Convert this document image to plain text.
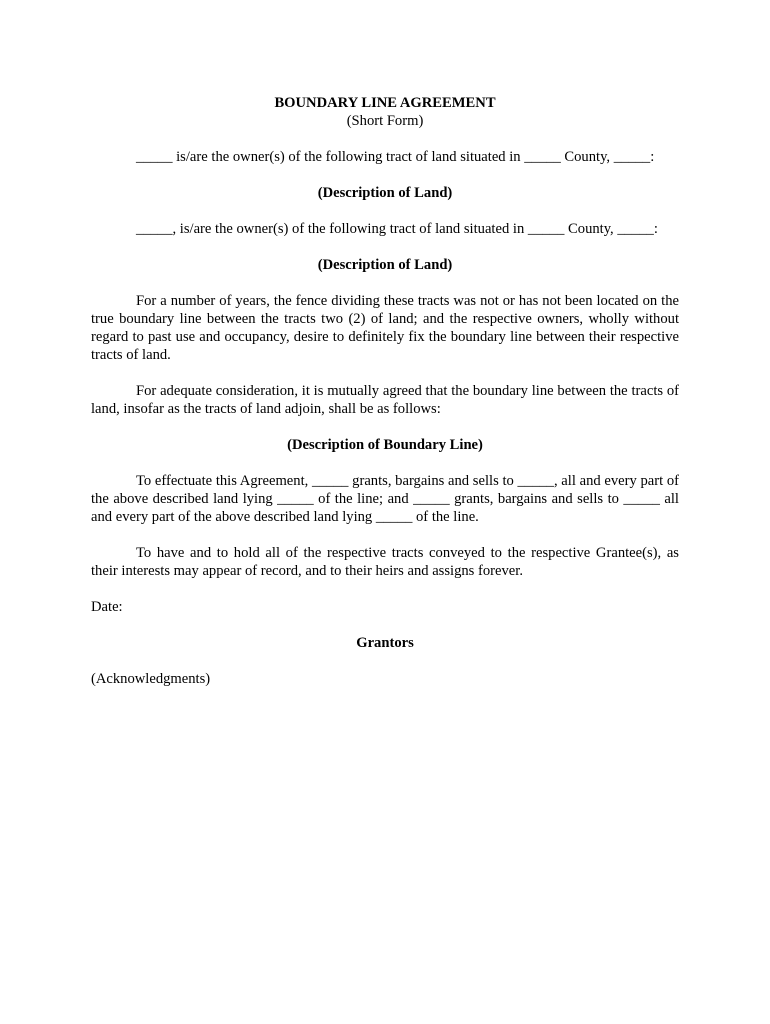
BOUNDARY LINE AGREEMENT

(Short Form)

_____ is/are the owner(s) of the following tract of land situated in _____ County, _____:

(Description of Land)

_____, is/are the owner(s) of the following tract of land situated in _____ County, _____:

(Description of Land)

For a number of years, the fence dividing these tracts was not or has not been located on the true boundary line between the tracts two (2) of land; and the respective owners, wholly without regard to past use and occupancy, desire to definitely fix the boundary line between their respective tracts of land.

For adequate consideration, it is mutually agreed that the boundary line between the tracts of land, insofar as the tracts of land adjoin, shall be as follows:

(Description of Boundary Line)

To effectuate this Agreement, _____ grants, bargains and sells to _____, all and every part of the above described land lying _____ of the line; and _____ grants, bargains and sells to _____ all and every part of the above described land lying _____ of the line.

To have and to hold all of the respective tracts conveyed to the respective Grantee(s), as their interests may appear of record, and to their heirs and assigns forever.

Date:

Grantors

(Acknowledgments)
